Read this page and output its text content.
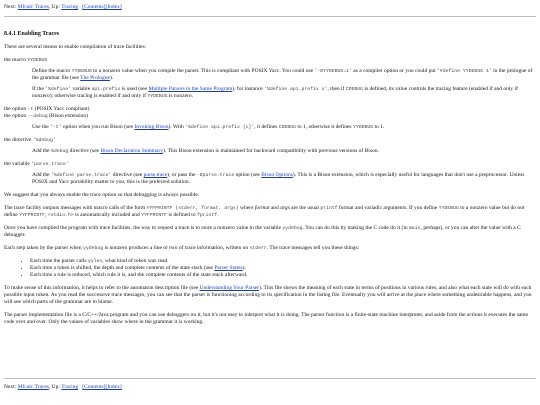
Next: Mfcalc Traces, Up: Tracing [Contents][Index]
8.4.1 Enabling Traces

There are several means to enable compilation of trace facilities:

the macro YYDEBUG

Define the macro YYDEBUG to a nonzero value when you compile the parser. This is compliant with POSIX Yacc. You could use '-DYYDEBUG=1' as a compiler option or you could put '#define YYDEBUG 1' in the prologue of the grammar file (see The Prologue).

If the '%define' variable api.prefix is used (see Multiple Parsers in the Same Program), for instance '%define api.prefix x', then if CDEBUG is defined, its value controls the tracing feature (enabled if and only if nonzero); otherwise tracing is enabled if and only if YYDEBUG is nonzero.

the option -t (POSIX Yacc compliant)
the option --debug (Bison extension)

Use the '-t' option when you run Bison (see Invoking Bison). With '%define api.prefix {c}', it defines CDEBUG to 1, otherwise it defines YYDEBUG to 1.

the directive '%debug'

Add the %debug directive (see Bison Declaration Summary). This Bison extension is maintained for backward compatibility with previous versions of Bison.

the variable 'parse.trace'

Add the '%define parse.trace' directive (see parse.trace), or pass the -Dparse.trace option (see Bison Options). This is a Bison extension, which is especially useful for languages that don't use a preprocessor. Unless POSIX and Yacc portability matter to you, this is the preferred solution.

We suggest that you always enable the trace option so that debugging is always possible.

The trace facility outputs messages with macro calls of the form YYFPRINTF (stderr, format, args) where format and args are the usual printf format and variadic arguments. If you define YYDEBUG to a nonzero value but do not define YYFPRINTF, <stdio.h> is automatically included and YYFPRINTF is defined to fprintf.

Once you have compiled the program with trace facilities, the way to request a trace is to store a nonzero value in the variable yydebug. You can do this by making the C code do it (in main, perhaps), or you can alter the value with a C debugger.

Each step taken by the parser when yydebug is nonzero produces a line or two of trace information, written on stderr. The trace messages tell you these things:

• Each time the parser calls yylex, what kind of token was read.
• Each time a token is shifted, the depth and complete contents of the state stack (see Parser States).
• Each time a rule is reduced, which rule it is, and the complete contents of the state stack afterward.

To make sense of this information, it helps to refer to the automaton description file (see Understanding Your Parser). This file shows the meaning of each state in terms of positions in various rules, and also what each state will do with each possible input token. As you read the successive trace messages, you can see that the parser is functioning according to its specification in the listing file. Eventually you will arrive at the place where something undesirable happens, and you will see which parts of the grammar are to blame.

The parser implementation file is a C/C++/Java program and you can use debuggers on it, but it's not easy to interpret what it is doing. The parser function is a finite-state machine interpreter, and aside from the actions it executes the same code over and over. Only the values of variables show where in the grammar it is working.

Next: Mfcalc Traces, Up: Tracing [Contents][Index]
